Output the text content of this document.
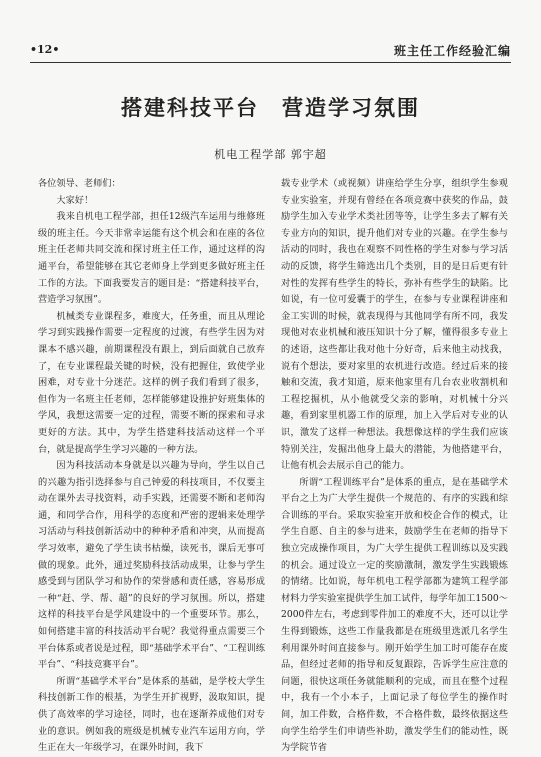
•12•	班主任工作经验汇编
搭建科技平台　营造学习氛围
机电工程学部 郭宇超

各位领导、老师们：

大家好！

我来自机电工程学部，担任12级汽车运用与维修班级的班主任。今天非常幸运能有这个机会和在座的各位班主任老师共同交流和探讨班主任工作，通过这样的沟通平台，希望能够在其它老师身上学到更多做好班主任工作的方法。下面我要发言的题目是：“搭建科技平台，营造学习氛围”。

机械类专业课程多，难度大，任务重，而且从理论学习到实践操作需要一定程度的过渡，有些学生因为对课本不感兴趣，前期课程没有跟上，到后面就自己放弃了，在专业课程最关键的时候，没有把握住，致使学业困难，对专业十分迷茫。这样的例子我们看到了很多，但作为一名班主任老师，怎样能够建设推护好班集体的学风，我想这需要一定的过程，需要不断的探索和寻求更好的方法。其中，为学生搭建科技活动这样一个平台，就是提高学生学习兴趣的一种方法。

因为科技活动本身就是以兴趣为导向，学生以自己的兴趣为指引选择参与自己钟爱的科技项目，不仅要主动在课外去寻找资料，动手实践，还需要不断和老师沟通，和同学合作，用科学的态度和严密的逻辑来处理学习活动与科技创新活动中的种种矛盾和冲突，从而提高学习效率，避免了学生读书枯燥，读死书，课后无事可做的现象。此外，通过奖励科技活动成果，让参与学生感受到与团队学习和协作的荣誉感和责任感，容易形成一种“赶、学、帮、超”的良好的学习氛围。所以，搭建这样的科技平台是学风建设中的一个重要环节。那么，如何搭建丰富的科技活动平台呢？我觉得重点需要三个平台体系或者说是过程，即“基础学术平台”、“工程训练平台”、“科技竞赛平台”。

所谓“基础学术平台”是体系的基础，是学校大学生科技创新工作的根基，为学生开扩视野，汲取知识，提供了高效率的学习途径，同时，也在逐渐养成他们对专业的意识。例如我的班级是机械专业汽车运用方向，学生正在大一年级学习，在课外时间，我下

载专业学术（或视频）讲座给学生分享，组织学生参观专业实验室，并现有曾经在各项竞赛中获奖的作品，鼓励学生加入专业学术类社团等等，让学生多去了解有关专业方向的知识，提升他们对专业的兴趣。在学生参与活动的同时，我也在观察不同性格的学生对参与学习活动的反馈，将学生筛选出几个类别，目的是日后更有针对性的发挥有些学生的特长，弥补有些学生的缺陷。比如说，有一位可爱囊于的学生，在参与专业课程讲座和金工实训的时候，就表现得与其他同学有所不同，我发现他对农业机械和液压知识十分了解，懂得很多专业上的述语，这些都让我对他十分好奇，后来他主动找我，说有个想法，要对家里的农机进行改造。经过后来的接触和交流，我才知道，原来他家里有几台农业收割机和工程挖掘机，从小他就受父亲的影响，对机械十分兴趣，看到家里机器工作的原理，加上入学后对专业的认识，激发了这样一种想法。我想像这样的学生我们应该特别关注，发掘出他身上最大的潜能，为他搭建平台，让他有机会去展示自己的能力。

所谓“工程训练平台”是体系的重点，是在基础学术平台之上为广大学生提供一个规范的、有序的实践和综合训练的平台。采取实验室开放和校企合作的模式，让学生自愿、自主的参与进来，鼓励学生在老师的指导下独立完成操作项目，为广大学生提供工程训练以及实践的机会。通过设立一定的奖励激制，激发学生实践锻炼的情绪。比如说，每年机电工程学部都为建筑工程学部材料力学实验室提供学生加工试件，每学年加工1500～2000件左右，考虑到零件加工的难度不大，还可以让学生得到锻炼，这些工作量我都是在班级里选派几名学生利用课外时间直接参与。刚开始学生加工时可能存在废品，但经过老师的指导和反复跟踪，告诉学生应注意的问题，很快这项任务就能顺利的完成，而且在整个过程中，我有一个小本子，上面记录了每位学生的操作时间，加工件数，合格件数，不合格件数，最终依据这些向学生给学生们申请些补助，激发学生们的能动性，既为学院节省
